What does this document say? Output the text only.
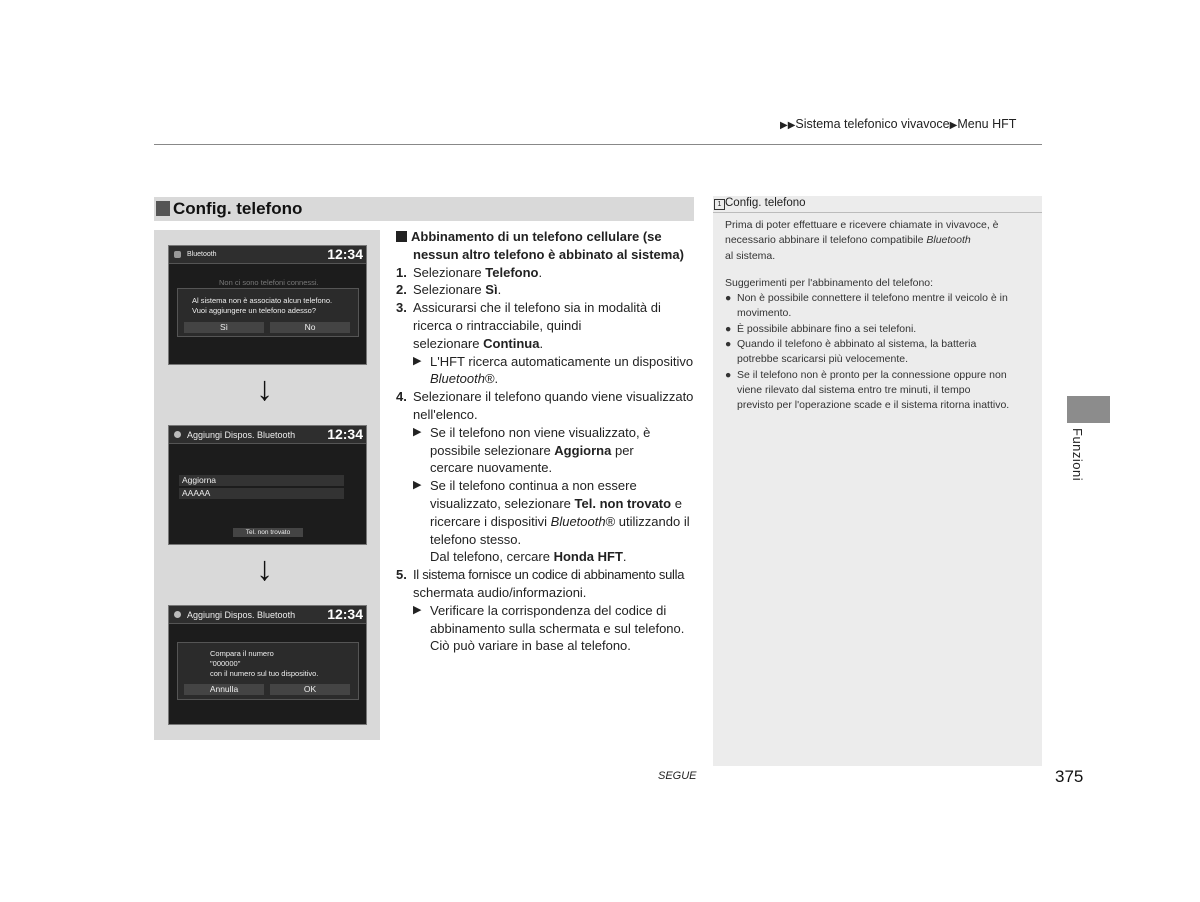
▶▶Sistema telefonico vivavoce▶Menu HFT
Config. telefono
Bluetooth	12:34
Non ci sono telefoni connessi.
Al sistema non è associato alcun telefono.
Vuoi aggiungere un telefono adesso?
Sì	No
↓
Aggiungi Dispos. Bluetooth 12:34
Aggiorna
AAAAA
Tel. non trovato
↓
Aggiungi Dispos. Bluetooth 12:34
Compara il numero
"000000"
con il numero sul tuo dispositivo.
Annulla	OK
Abbinamento di un telefono cellulare (se
nessun altro telefono è abbinato al sistema)
1. Selezionare Telefono.
2. Selezionare Sì.
3. Assicurarsi che il telefono sia in modalità di
ricerca o rintracciabile, quindi
selezionare Continua.
▶ L'HFT ricerca automaticamente un dispositivo
Bluetooth®.
4. Selezionare il telefono quando viene visualizzato
nell'elenco.
▶ Se il telefono non viene visualizzato, è
possibile selezionare Aggiorna per
cercare nuovamente.
▶ Se il telefono continua a non essere
visualizzato, selezionare Tel. non trovato e
ricercare i dispositivi Bluetooth® utilizzando il
telefono stesso.
Dal telefono, cercare Honda HFT.
5. Il sistema fornisce un codice di abbinamento sulla
schermata audio/informazioni.
▶ Verificare la corrispondenza del codice di
abbinamento sulla schermata e sul telefono.
Ciò può variare in base al telefono.
1 Config. telefono

Prima di poter effettuare e ricevere chiamate in vivavoce, è
necessario abbinare il telefono compatibile Bluetooth
al sistema.

Suggerimenti per l'abbinamento del telefono:

● Non è possibile connettere il telefono mentre il veicolo è in
movimento.
● È possibile abbinare fino a sei telefoni.
● Quando il telefono è abbinato al sistema, la batteria
potrebbe scaricarsi più velocemente.
● Se il telefono non è pronto per la connessione oppure non
viene rilevato dal sistema entro tre minuti, il tempo
previsto per l'operazione scade e il sistema ritorna inattivo.
Funzioni
SEGUE	375
